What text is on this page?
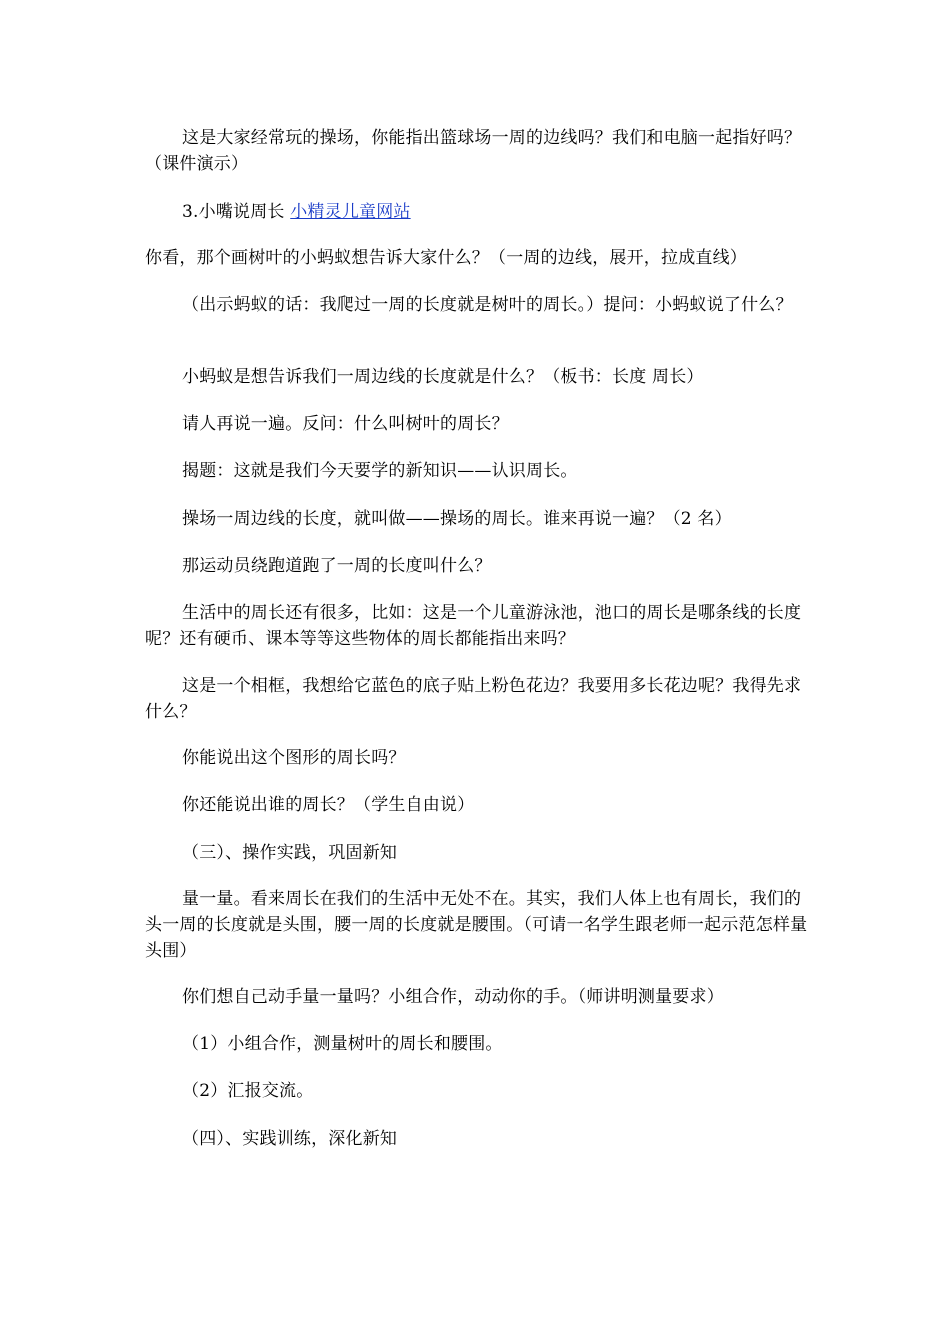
这是大家经常玩的操场，你能指出篮球场一周的边线吗？我们和电脑一起指好吗？（课件演示）

3.小嘴说周长 小精灵儿童网站

你看，那个画树叶的小蚂蚁想告诉大家什么？（一周的边线，展开，拉成直线）

（出示蚂蚁的话：我爬过一周的长度就是树叶的周长。）提问：小蚂蚁说了什么？

小蚂蚁是想告诉我们一周边线的长度就是什么？（板书：长度 周长）

请人再说一遍。反问：什么叫树叶的周长？

揭题：这就是我们今天要学的新知识——认识周长。

操场一周边线的长度，就叫做——操场的周长。谁来再说一遍？（2 名）

那运动员绕跑道跑了一周的长度叫什么？

生活中的周长还有很多，比如：这是一个儿童游泳池，池口的周长是哪条线的长度呢？还有硬币、课本等等这些物体的周长都能指出来吗？

这是一个相框，我想给它蓝色的底子贴上粉色花边？我要用多长花边呢？我得先求什么？

你能说出这个图形的周长吗？

你还能说出谁的周长？（学生自由说）

（三）、操作实践，巩固新知

量一量。看来周长在我们的生活中无处不在。其实，我们人体上也有周长，我们的头一周的长度就是头围，腰一周的长度就是腰围。（可请一名学生跟老师一起示范怎样量头围）

你们想自己动手量一量吗？小组合作，动动你的手。（师讲明测量要求）

（1）小组合作，测量树叶的周长和腰围。

（2）汇报交流。

（四）、实践训练，深化新知
